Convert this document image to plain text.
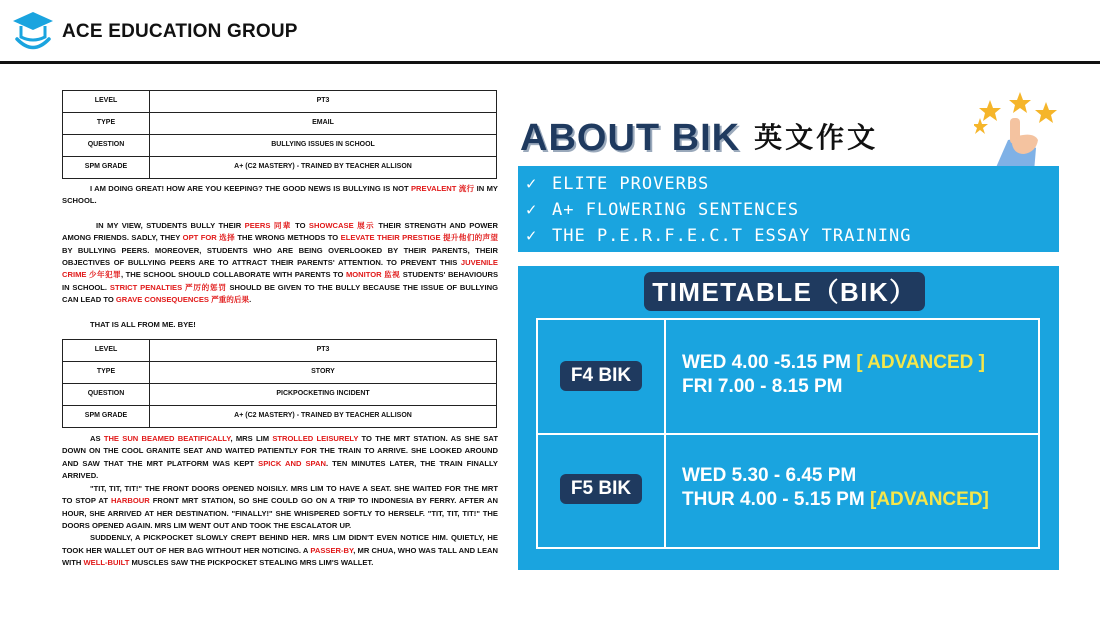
ACE EDUCATION GROUP
LEVEL	PT3
TYPE	EMAIL
QUESTION	BULLYING ISSUES IN SCHOOL
SPM GRADE	A+ (C2 MASTERY) - TRAINED BY TEACHER ALLISON

I AM DOING GREAT! HOW ARE YOU KEEPING? THE GOOD NEWS IS BULLYING IS NOT PREVALENT 流行 IN MY SCHOOL.

IN MY VIEW, STUDENTS BULLY THEIR PEERS 同辈 TO SHOWCASE 展示 THEIR STRENGTH AND POWER AMONG FRIENDS. SADLY, THEY OPT FOR 选择 THE WRONG METHODS TO ELEVATE THEIR PRESTIGE 提升他们的声望 BY BULLYING PEERS. MOREOVER, STUDENTS WHO ARE BEING OVERLOOKED BY THEIR PARENTS, THEIR OBJECTIVES OF BULLYING PEERS ARE TO ATTRACT THEIR PARENTS' ATTENTION. TO PREVENT THIS JUVENILE CRIME 少年犯罪, THE SCHOOL SHOULD COLLABORATE WITH PARENTS TO MONITOR 监视 STUDENTS' BEHAVIOURS IN SCHOOL. STRICT PENALTIES 严厉的惩罚 SHOULD BE GIVEN TO THE BULLY BECAUSE THE ISSUE OF BULLYING CAN LEAD TO GRAVE CONSEQUENCES 严重的后果.

THAT IS ALL FROM ME. BYE!

LEVEL	PT3
TYPE	STORY
QUESTION	PICKPOCKETING INCIDENT
SPM GRADE	A+ (C2 MASTERY) - TRAINED BY TEACHER ALLISON

AS THE SUN BEAMED BEATIFICALLY, MRS LIM STROLLED LEISURELY TO THE MRT STATION. AS SHE SAT DOWN ON THE COOL GRANITE SEAT AND WAITED PATIENTLY FOR THE TRAIN TO ARRIVE. SHE LOOKED AROUND AND SAW THAT THE MRT PLATFORM WAS KEPT SPICK AND SPAN. TEN MINUTES LATER, THE TRAIN FINALLY ARRIVED.
"TIT, TIT, TIT!" THE FRONT DOORS OPENED NOISILY. MRS LIM TO HAVE A SEAT. SHE WAITED FOR THE MRT TO STOP AT HARBOUR FRONT MRT STATION, SO SHE COULD GO ON A TRIP TO INDONESIA BY FERRY. AFTER AN HOUR, SHE ARRIVED AT HER DESTINATION. "FINALLY!" SHE WHISPERED SOFTLY TO HERSELF. "TIT, TIT, TIT!" THE DOORS OPENED AGAIN. MRS LIM WENT OUT AND TOOK THE ESCALATOR UP.
SUDDENLY, A PICKPOCKET SLOWLY CREPT BEHIND HER. MRS LIM DIDN'T EVEN NOTICE HIM. QUIETLY, HE TOOK HER WALLET OUT OF HER BAG WITHOUT HER NOTICING. A PASSER-BY, MR CHUA, WHO WAS TALL AND LEAN WITH WELL-BUILT MUSCLES SAW THE PICKPOCKET STEALING MRS LIM'S WALLET.

ABOUT BIK 英文作文
✓ ELITE PROVERBS
✓ A+ FLOWERING SENTENCES
✓ THE P.E.R.F.E.C.T ESSAY TRAINING
TIMETABLE（BIK）
F4 BIK
WED 4.00 -5.15 PM [ ADVANCED ]
FRI 7.00 - 8.15 PM
F5 BIK
WED 5.30 - 6.45 PM
THUR 4.00 - 5.15 PM [ADVANCED]
